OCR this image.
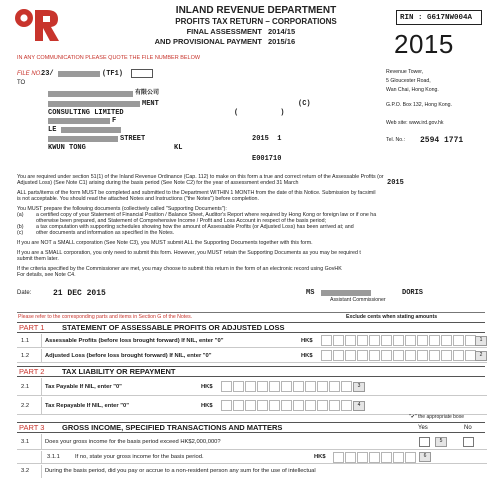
INLAND REVENUE DEPARTMENT
PROFITS TAX RETURN – CORPORATIONS
FINAL ASSESSMENT 2014/15
AND PROVISIONAL PAYMENT 2015/16
RIN : G617NW004A
2015
IN ANY COMMUNICATION PLEASE QUOTE THE FILE NUMBER BELOW
FILE NO.
23/	(TF1)
TO
有限公司
MENT	(C)
CONSULTING LIMITED	(          )
F
LE
STREET	2015  1
KWUN TONG	KL
E001710
Revenue Tower,
5 Gloucester Road,
Wan Chai, Hong Kong.
G.P.O. Box 132, Hong Kong.
Web site: www.ird.gov.hk
Tel. No.: 2594 1771
You are required under section 51(1) of the Inland Revenue Ordinance (Cap. 112) to make on this form a true and correct return of the Assessable Profits (or
Adjusted Loss) (See Note C1) arising during the basis period (See Note C2) for the year of assessment ended 31 March	2015
ALL parts/items of the form MUST be completed and submitted to the Department WITHIN 1 MONTH from the date of this Notice. Submission by facsimil
is not acceptable. You should read the attached Notes and Instructions ("the Notes") before completion.
You MUST prepare the following documents (collectively called "Supporting Documents"):
(a) a certified copy of your Statement of Financial Position / Balance Sheet, Auditor's Report where required by Hong Kong or foreign law or if one ha
otherwise been prepared, and Statement of Comprehensive Income / Profit and Loss Account in respect of the basis period;
(b) a tax computation with supporting schedules showing how the amount of Assessable Profits (or Adjusted Loss) has been arrived at; and
(c) other documents and information as specified in the Notes.
If you are NOT a SMALL corporation (See Note C3), you MUST submit ALL the Supporting Documents together with this form.
If you are a SMALL corporation, you only need to submit this form. However, you MUST retain the Supporting Documents as you may be required t
submit them later.
If the criteria specified by the Commissioner are met, you may choose to submit this return in the form of an electronic record using GovHK
For details, see Note C4.
Date:	21 DEC 2015	MS	DORIS
Assistant Commissioner
Please refer to the corresponding parts and items in Section G of the Notes.	Exclude cents when stating amounts
PART 1 STATEMENT OF ASSESSABLE PROFITS OR ADJUSTED LOSS
1.1	Assessable Profits (before loss brought forward) If NIL, enter "0"	HK$	1
1.2	Adjusted Loss (before loss brought forward) If NIL, enter "0"	HK$	2
PART 2 TAX LIABILITY OR REPAYMENT
2.1	Tax Payable If NIL, enter "0"	HK$	3
2.2	Tax Repayable If NIL, enter "0"	HK$	4
"✔" the appropriate boxe
PART 3 GROSS INCOME, SPECIFIED TRANSACTIONS AND MATTERS	Yes	No
3.1	Does your gross income for the basis period exceed HK$2,000,000?	5
3.1.1	If no, state your gross income for the basis period.	HK$	6
3.2	During the basis period, did you pay or accrue to a non-resident person any sum for the use of intellectual
